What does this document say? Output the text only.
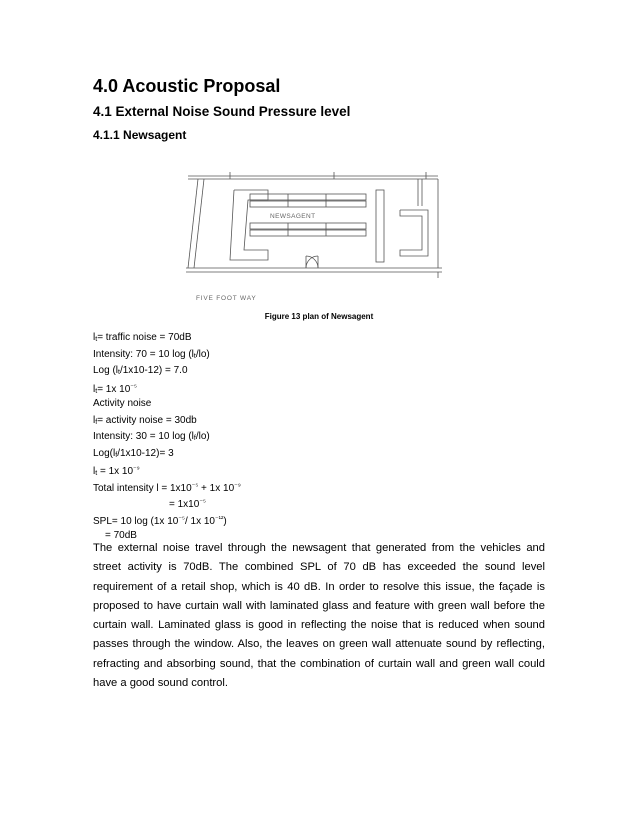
4.0 Acoustic Proposal
4.1 External Noise Sound Pressure level
4.1.1 Newsagent
NEWSAGENT
FIVE FOOT WAY
Figure 13 plan of Newsagent
lt= traffic noise = 70dB
Intensity: 70 = 10 log (lt/lo)
Log (lt/1x10-12) = 7.0
lt= 1x $10^{^{-5}}$
Activity noise
lf= activity noise = 30db
Intensity: 30 = 10 log (lf/lo)
Log(lf/1x10-12)= 3
lt = 1x $10^{^{-9}}$
Total intensity $l = 1x10^{^{-5}} + 1x$ $10^{^{-9}}$
= $1x10^{^{-5}}$
SPL= 10 log (1x $10^{^{-5}}/$ 1x $10^{^{-12}}$)
= 70dB

The external noise travel through the newsagent that generated from the vehicles and street activity is 70dB. The combined SPL of 70 dB has exceeded the sound level requirement of a retail shop, which is 40 dB. In order to resolve this issue, the façade is proposed to have curtain wall with laminated glass and feature with green wall before the curtain wall. Laminated glass is good in reflecting the noise that is reduced when sound passes through the window. Also, the leaves on green wall attenuate sound by reflecting, refracting and absorbing sound, that the combination of curtain wall and green wall could have a good sound control.
